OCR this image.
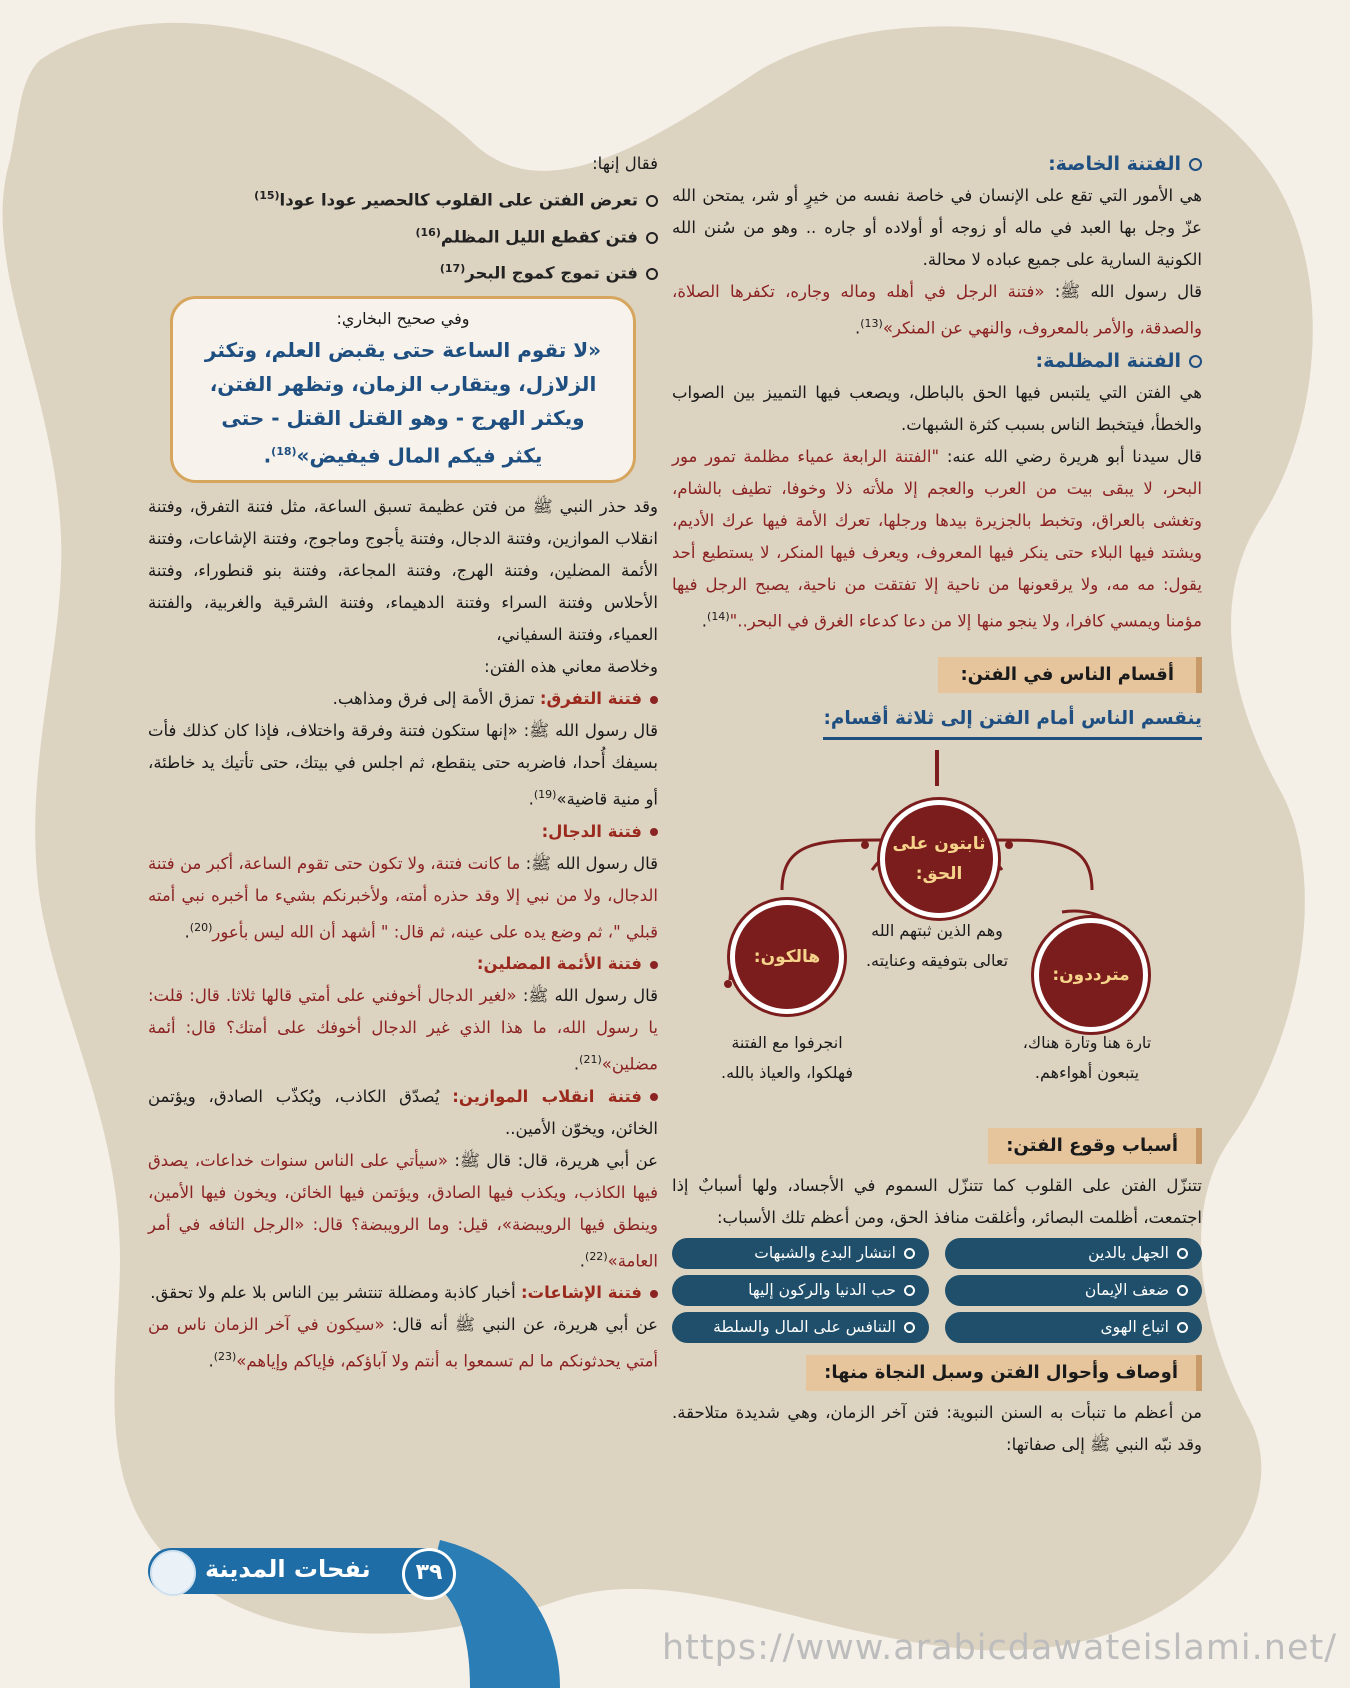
الفتنة الخاصة:

هي الأمور التي تقع على الإنسان في خاصة نفسه من خيرٍ أو شر، يمتحن الله عزّ وجل بها العبد في ماله أو زوجه أو أولاده أو جاره .. وهو من سُنن الله الكونية السارية على جميع عباده لا محالة.

قال رسول الله ﷺ: «فتنة الرجل في أهله وماله وجاره، تكفرها الصلاة، والصدقة، والأمر بالمعروف، والنهي عن المنكر»$^{(13)}$.

الفتنة المظلمة:

هي الفتن التي يلتبس فيها الحق بالباطل، ويصعب فيها التمييز بين الصواب والخطأ، فيتخبط الناس بسبب كثرة الشبهات.

قال سيدنا أبو هريرة رضي الله عنه: "الفتنة الرابعة عمياء مظلمة تمور مور البحر، لا يبقى بيت من العرب والعجم إلا ملأته ذلا وخوفا، تطيف بالشام، وتغشى بالعراق، وتخبط بالجزيرة بيدها ورجلها، تعرك الأمة فيها عرك الأديم، ويشتد فيها البلاء حتى ينكر فيها المعروف، ويعرف فيها المنكر، لا يستطيع أحد يقول: مه مه، ولا يرقعونها من ناحية إلا تفتقت من ناحية، يصبح الرجل فيها مؤمنا ويمسي كافرا، ولا ينجو منها إلا من دعا كدعاء الغرق في البحر.."$^{(14)}$.

أقسام الناس في الفتن:
ينقسم الناس أمام الفتن إلى ثلاثة أقسام:
ثابتون على الحق:
وهم الذين ثبتهم الله تعالى بتوفيقه وعنايته.
مترددون:
تارة هنا وتارة هناك، يتبعون أهواءهم.
هالكون:
انجرفوا مع الفتنة فهلكوا، والعياذ بالله.
أسباب وقوع الفتن:

تتنزّل الفتن على القلوب كما تتنزّل السموم في الأجساد، ولها أسبابٌ إذا اجتمعت، أظلمت البصائر، وأغلقت منافذ الحق، ومن أعظم تلك الأسباب:

الجهل بالدين
انتشار البدع والشبهات
ضعف الإيمان
حب الدنيا والركون إليها
اتباع الهوى
التنافس على المال والسلطة
أوصاف وأحوال الفتن وسبل النجاة منها:

من أعظم ما تنبأت به السنن النبوية: فتن آخر الزمان، وهي شديدة متلاحقة. وقد نبّه النبي ﷺ إلى صفاتها:

فقال إنها:

تعرض الفتن على القلوب كالحصير عودا عودا$^{(15)}$

فتن كقطع الليل المظلم$^{(16)}$

فتن تموج كموج البحر$^{(17)}$

وفي صحيح البخاري:
«لا تقوم الساعة حتى يقبض العلم، وتكثر الزلازل، ويتقارب الزمان، وتظهر الفتن، ويكثر الهرج - وهو القتل القتل - حتى يكثر فيكم المال فيفيض»$^{(18)}$.

وقد حذر النبي ﷺ من فتن عظيمة تسبق الساعة، مثل فتنة التفرق، وفتنة انقلاب الموازين، وفتنة الدجال، وفتنة يأجوج وماجوج، وفتنة الإشاعات، وفتنة الأئمة المضلين، وفتنة الهرج، وفتنة المجاعة، وفتنة بنو قنطوراء، وفتنة الأحلاس وفتنة السراء وفتنة الدهيماء، وفتنة الشرقية والغربية، والفتنة العمياء، وفتنة السفياني،

وخلاصة معاني هذه الفتن:

فتنة التفرق: تمزق الأمة إلى فرق ومذاهب.

قال رسول الله ﷺ: «إنها ستكون فتنة وفرقة واختلاف، فإذا كان كذلك فأت بسيفك أُحدا، فاضربه حتى ينقطع، ثم اجلس في بيتك، حتى تأتيك يد خاطئة، أو منية قاضية»$^{(19)}$.

فتنة الدجال:

قال رسول الله ﷺ: ما كانت فتنة، ولا تكون حتى تقوم الساعة، أكبر من فتنة الدجال، ولا من نبي إلا وقد حذره أمته، ولأخبرنكم بشيء ما أخبره نبي أمته قبلي "، ثم وضع يده على عينه، ثم قال: " أشهد أن الله ليس بأعور$^{(20)}$.

فتنة الأئمة المضلين:

قال رسول الله ﷺ: «لغير الدجال أخوفني على أمتي قالها ثلاثا. قال: قلت: يا رسول الله، ما هذا الذي غير الدجال أخوفك على أمتك؟ قال: أئمة مضلين»$^{(21)}$.

فتنة انقلاب الموازين: يُصدّق الكاذب، ويُكذّب الصادق، ويؤتمن الخائن، ويخوّن الأمين..

عن أبي هريرة، قال: قال ﷺ: «سيأتي على الناس سنوات خداعات، يصدق فيها الكاذب، ويكذب فيها الصادق، ويؤتمن فيها الخائن، ويخون فيها الأمين، وينطق فيها الرويبضة»، قيل: وما الرويبضة؟ قال: «الرجل التافه في أمر العامة»$^{(22)}$.

فتنة الإشاعات: أخبار كاذبة ومضللة تنتشر بين الناس بلا علم ولا تحقق.

عن أبي هريرة، عن النبي ﷺ أنه قال: «سيكون في آخر الزمان ناس من أمتي يحدثونكم ما لم تسمعوا به أنتم ولا آباؤكم، فإياكم وإياهم»$^{(23)}$.

نفحات المدينة	٣٩
https://www.arabicdawateislami.net/
